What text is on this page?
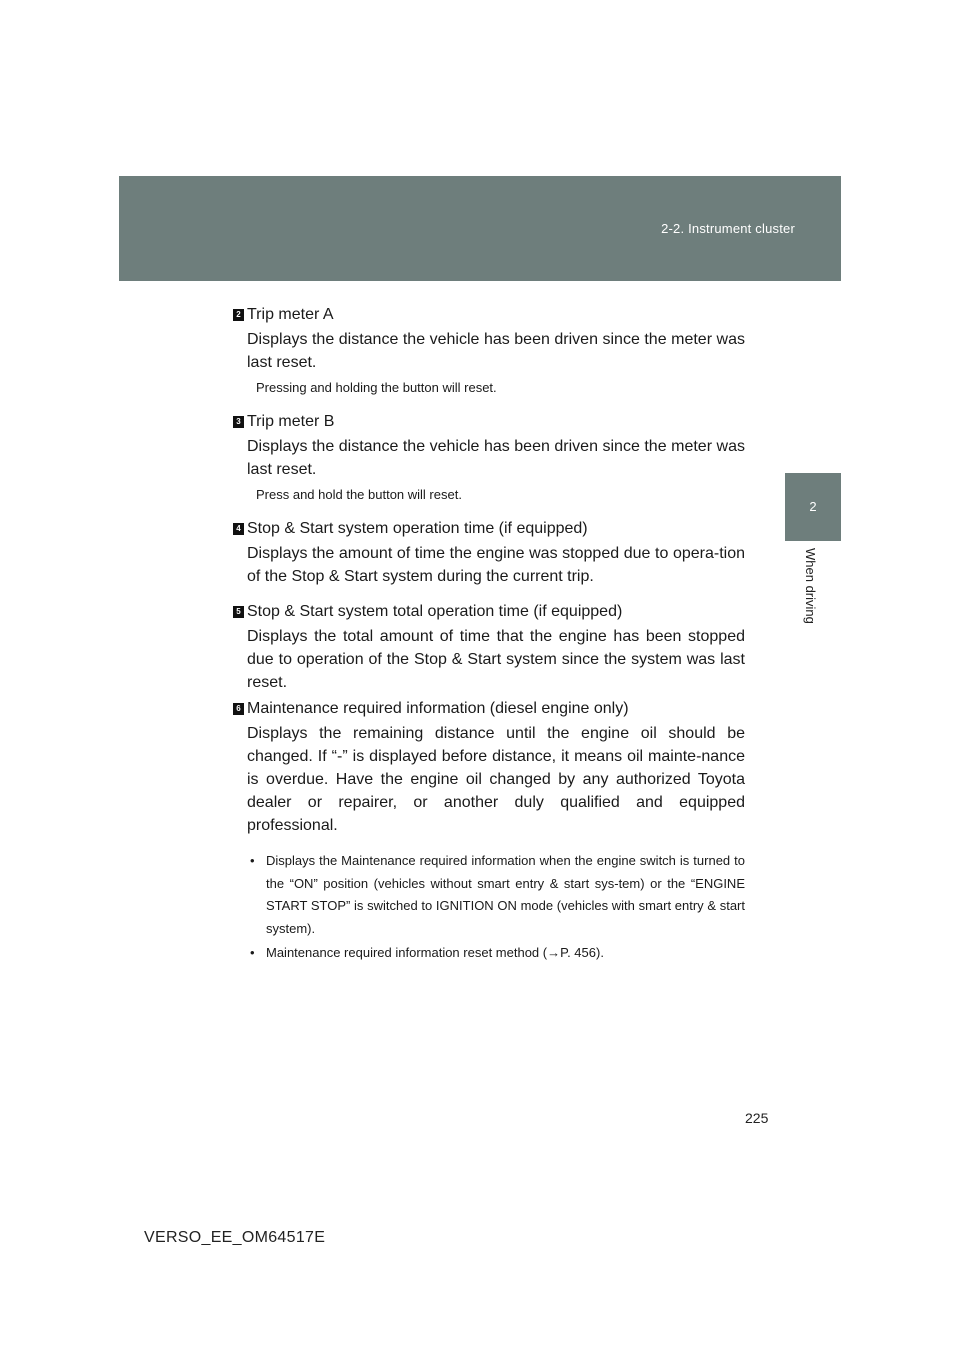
2-2. Instrument cluster
2
When driving
2 Trip meter A
Displays the distance the vehicle has been driven since the meter was last reset.
Pressing and holding the button will reset.
3 Trip meter B
Displays the distance the vehicle has been driven since the meter was last reset.
Press and hold the button will reset.
4 Stop & Start system operation time (if equipped)
Displays the amount of time the engine was stopped due to opera-tion of the Stop & Start system during the current trip.
5 Stop & Start system total operation time (if equipped)
Displays the total amount of time that the engine has been stopped due to operation of the Stop & Start system since the system was last reset.
6 Maintenance required information (diesel engine only)
Displays the remaining distance until the engine oil should be changed. If “-” is displayed before distance, it means oil mainte-nance is overdue. Have the engine oil changed by any authorized Toyota dealer or repairer, or another duly qualified and equipped professional.
• Displays the Maintenance required information when the engine switch is turned to the “ON” position (vehicles without smart entry & start sys-tem) or the “ENGINE START STOP” is switched to IGNITION ON mode (vehicles with smart entry & start system).
• Maintenance required information reset method (→P. 456).
225
VERSO_EE_OM64517E
